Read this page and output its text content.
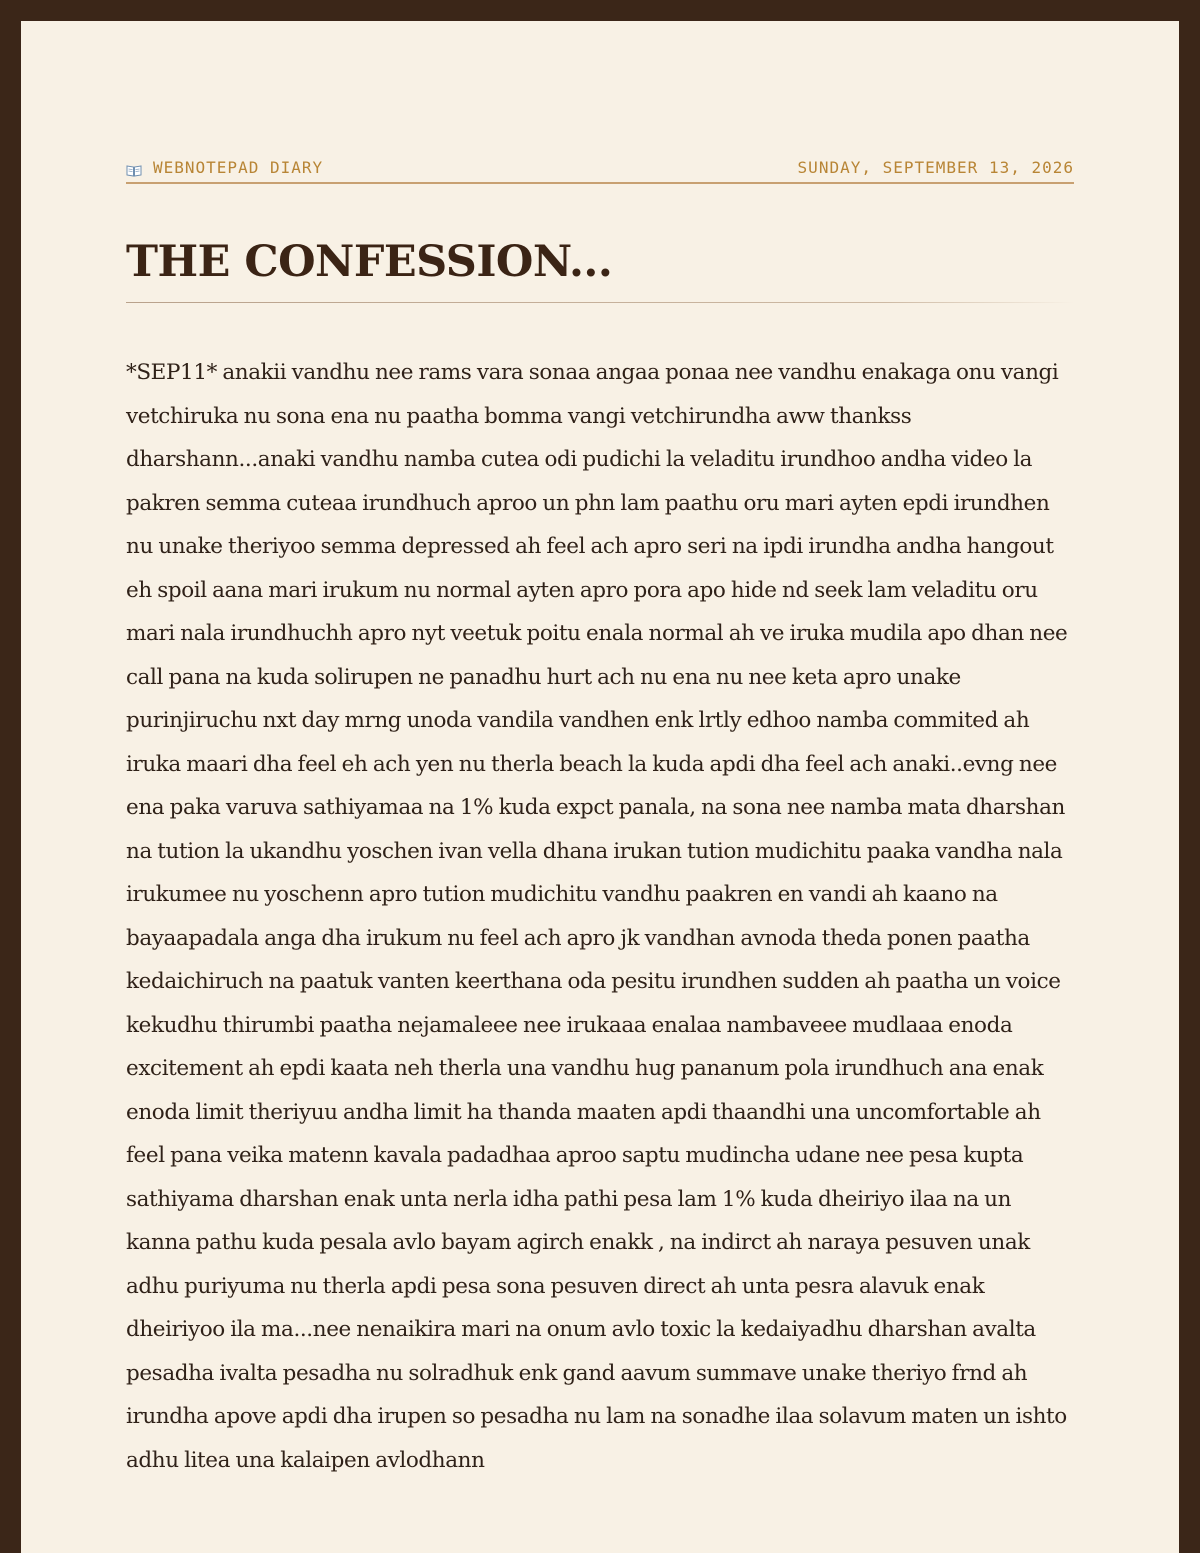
WEBNOTEPAD DIARY	SUNDAY, SEPTEMBER 13, 2026
THE CONFESSION...

*SEP11* anakii vandhu nee rams vara sonaa angaa ponaa nee vandhu enakaga onu vangi vetchiruka nu sona ena nu paatha bomma vangi vetchirundha aww thankss dharshann...anaki vandhu namba cutea odi pudichi la veladitu irundhoo andha video la pakren semma cuteaa irundhuch aproo un phn lam paathu oru mari ayten epdi irundhen nu unake theriyoo semma depressed ah feel ach apro seri na ipdi irundha andha hangout eh spoil aana mari irukum nu normal ayten apro pora apo hide nd seek lam veladitu oru mari nala irundhuchh apro nyt veetuk poitu enala normal ah ve iruka mudila apo dhan nee call pana na kuda solirupen ne panadhu hurt ach nu ena nu nee keta apro unake purinjiruchu nxt day mrng unoda vandila vandhen enk lrtly edhoo namba commited ah iruka maari dha feel eh ach yen nu therla beach la kuda apdi dha feel ach anaki..evng nee ena paka varuva sathiyamaa na 1% kuda expct panala, na sona nee namba mata dharshan na tution la ukandhu yoschen ivan vella dhana irukan tution mudichitu paaka vandha nala irukumee nu yoschenn apro tution mudichitu vandhu paakren en vandi ah kaano na bayaapadala anga dha irukum nu feel ach apro jk vandhan avnoda theda ponen paatha kedaichiruch na paatuk vanten keerthana oda pesitu irundhen sudden ah paatha un voice kekudhu thirumbi paatha nejamaleee nee irukaaa enalaa nambaveee mudlaaa enoda excitement ah epdi kaata neh therla una vandhu hug pananum pola irundhuch ana enak enoda limit theriyuu andha limit ha thanda maaten apdi thaandhi una uncomfortable ah feel pana veika matenn kavala padadhaa aproo saptu mudincha udane nee pesa kupta sathiyama dharshan enak unta nerla idha pathi pesa lam 1% kuda dheiriyo ilaa na un kanna pathu kuda pesala avlo bayam agirch enakk , na indirct ah naraya pesuven unak adhu puriyuma nu therla apdi pesa sona pesuven direct ah unta pesra alavuk enak dheiriyoo ila ma...nee nenaikira mari na onum avlo toxic la kedaiyadhu dharshan avalta pesadha ivalta pesadha nu solradhuk enk gand aavum summave unake theriyo frnd ah irundha apove apdi dha irupen so pesadha nu lam na sonadhe ilaa solavum maten un ishto adhu litea una kalaipen avlodhann
